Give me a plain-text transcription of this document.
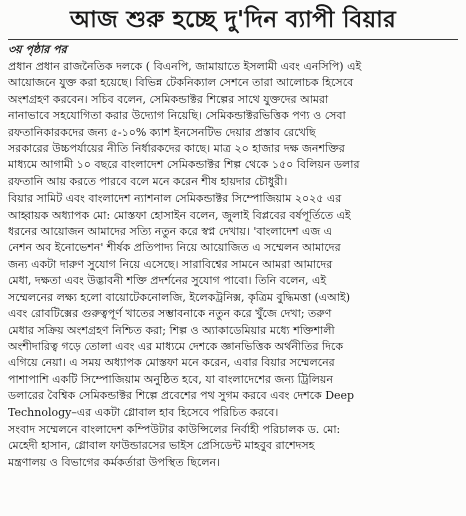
আজ শুরু হচ্ছে দু'দিন ব্যাপী বিয়ার
৩য় পৃষ্ঠার পর

প্রধান প্রধান রাজনৈতিক দলকে ( বিএনপি, জামায়াতে ইসলামী এবং এনসিপি) এই
আয়োজনে যুক্ত করা হয়েছে। বিভিন্ন টেকনিক্যাল সেশনে তারা আলোচক হিসেবে
অংশগ্রহণ করবেন। সচিব বলেন, সেমিকন্ডাক্টর শিল্পের সাথে যুক্তদের আমরা
নানাভাবে সহযোগিতা করার উদ্যোগ নিয়েছি। সেমিকন্ডাক্টরভিত্তিক পণ্য ও সেবা
রফতানিকারকদের জন্য ৫-১০% ক্যাশ ইনসেনটিভ দেয়ার প্রস্তাব রেখেছি
সরকারের উচ্চপর্যায়ের নীতি নির্ধারকদের কাছে। মাত্র ২০ হাজার দক্ষ জনশক্তির
মাধ্যমে আগামী ১০ বছরে বাংলাদেশ সেমিকন্ডাক্টর শিল্প থেকে ১৫০ বিলিয়ন ডলার
রফতানি আয় করতে পারবে বলে মনে করেন শীষ হায়দার চৌধুরী।

বিয়ার সামিট এবং বাংলাদেশ ন্যাশনাল সেমিকন্ডাক্টর সিম্পোজিয়াম ২০২৫ এর
আহ্বায়ক অধ্যাপক মো: মোস্তফা হোসাইন বলেন, জুলাই বিপ্লবের বর্ষপূর্তিতে এই
ধরনের আয়োজন আমাদের সত্যি নতুন করে স্বপ্ন দেখায়। 'বাংলাদেশ এজ এ
নেশন অব ইনোভেশন' শীর্ষক প্রতিপাদ্য নিয়ে আয়োজিত এ সম্মেলন আমাদের
জন্য একটা দারুণ সুযোগ নিয়ে এসেছে। সারাবিশ্বের সামনে আমরা আমাদের
মেধা, দক্ষতা এবং উদ্ভাবনী শক্তি প্রদর্শনের সুযোগ পাবো। তিনি বলেন, এই
সম্মেলনের লক্ষ্য হলো বায়োটেকনোলজি, ইলেকট্রনিক্স, কৃত্রিম বুদ্ধিমত্তা (এআই)
এবং রোবটিক্সের গুরুত্বপূর্ণ খাতের সম্ভাবনাকে নতুন করে খুঁজে দেখা; তরুণ
মেধার সক্রিয় অংশগ্রহণ নিশ্চিত করা; শিল্প ও অ্যাকাডেমিয়ার মধ্যে শক্তিশালী
অংশীদারিত্ব গড়ে তোলা এবং এর মাধ্যমে দেশকে জ্ঞানভিত্তিক অর্থনীতির দিকে
এগিয়ে নেয়া। এ সময় অধ্যাপক মোস্তফা মনে করেন, এবার বিয়ার সম্মেলনের
পাশাপাশি একটি সিম্পোজিয়াম অনুষ্ঠিত হবে, যা বাংলাদেশের জন্য ট্রিলিয়ন
ডলারের বৈশ্বিক সেমিকন্ডাক্টর শিল্পে প্রবেশের পথ সুগম করবে এবং দেশকে Deep
Technology–এর একটা গ্লোবাল হাব হিসেবে পরিচিত করবে।

সংবাদ সম্মেলনে বাংলাদেশ কম্পিউটার কাউন্সিলের নির্বাহী পরিচালক ড. মো:
মেহেদী হাসান, গ্লোবাল ফাউন্ডারসের ভাইস প্রেসিডেন্ট মাহবুব রাশেদসহ
মন্ত্রণালয় ও বিভাগের কর্মকর্তারা উপস্থিত ছিলেন।
